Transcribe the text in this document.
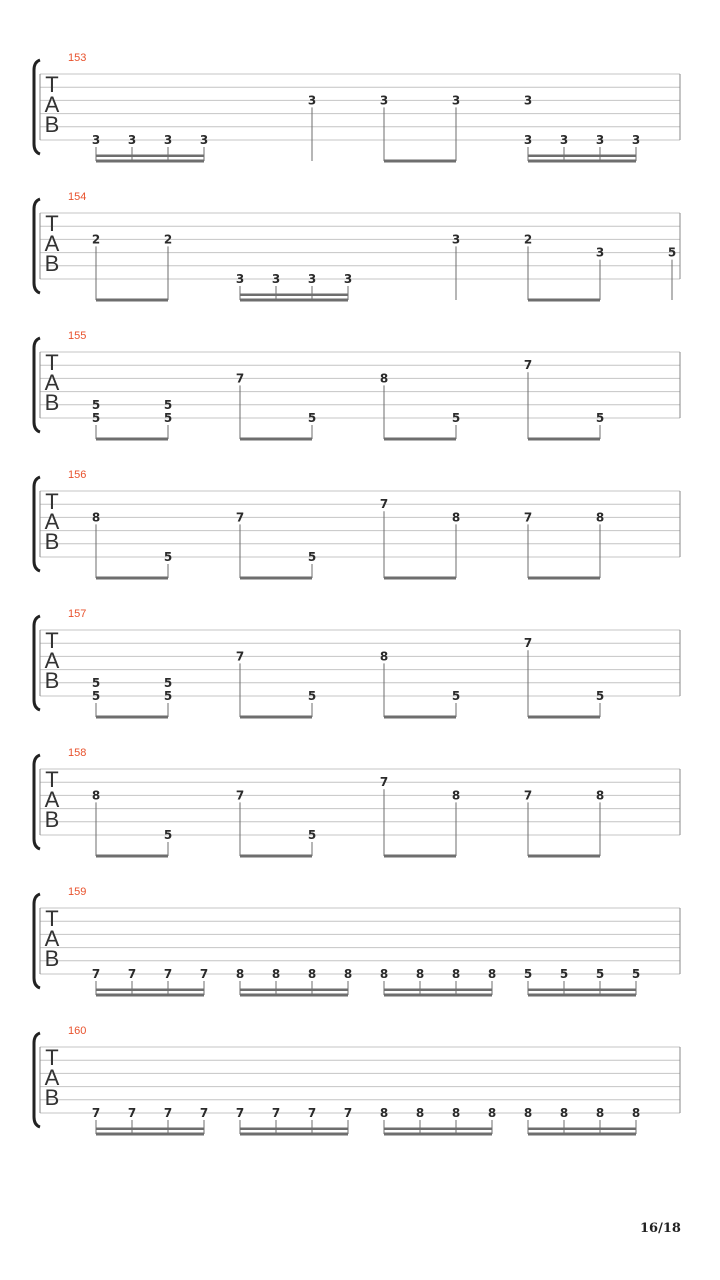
T
A
B
153
3 3 3 3
3	3	3	3
3 3 3 3
T
A
B
154
2	2
3 3 3 3
3	2
3	5
T
A
B
155
5
5
5
5
7
5
8
5
7
5
T
A
B
156
8
5
7
5
7
8	7	8
T
A
B
157
5
5
5
5
7
5
8
5
7
5
T
A
B
158
8
5
7
5
7
8	7	8
T
A
B
159
7 7 7 7 8 8 8 8 8 8 8 8 5 5 5 5
T
A
B
160
7 7 7 7 7 7 7 7 8 8 8 8 8 8 8 8
16/18
